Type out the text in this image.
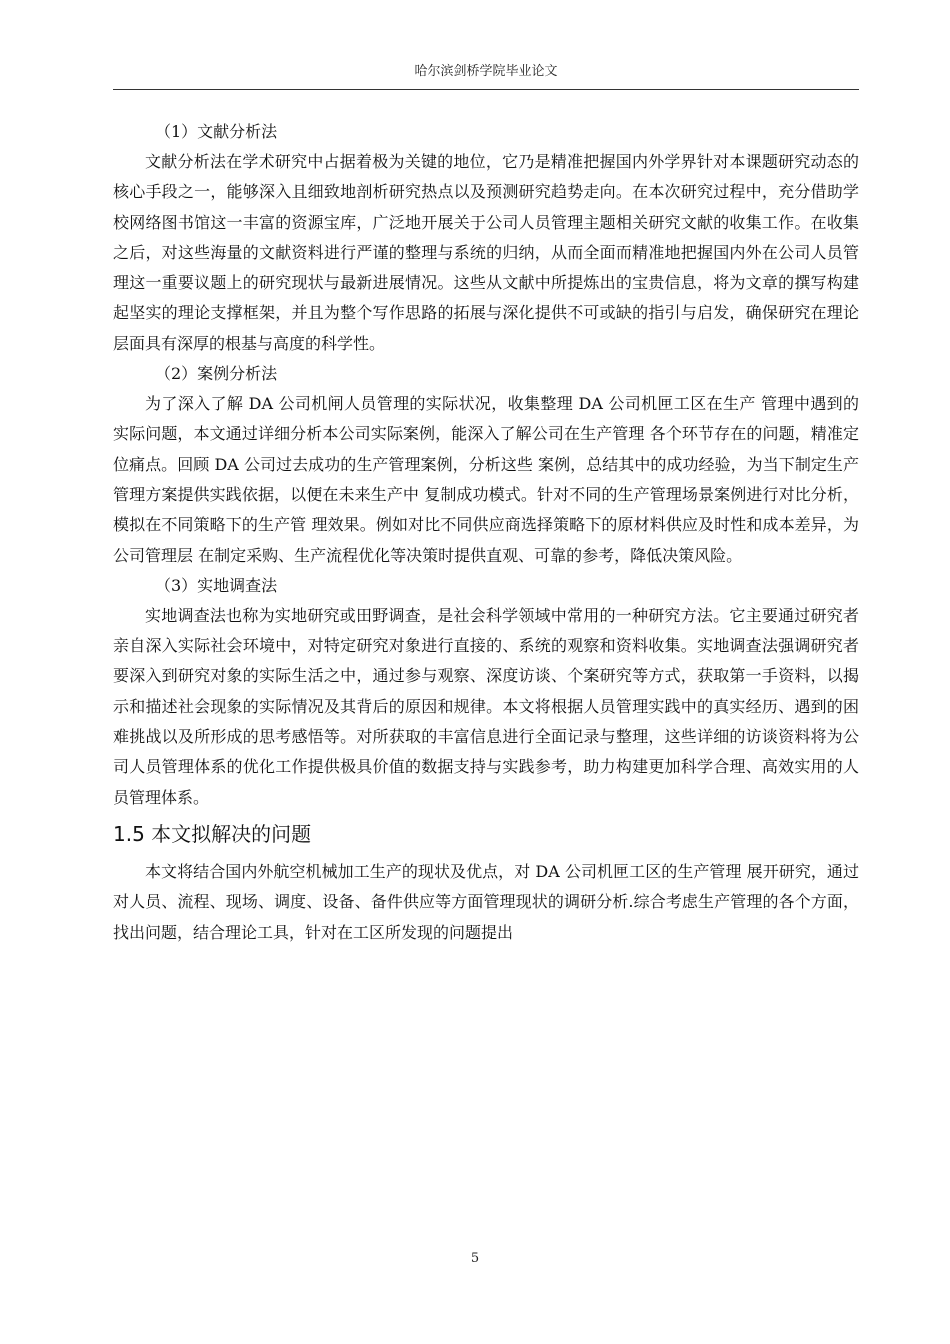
哈尔滨剑桥学院毕业论文

（1）文献分析法

文献分析法在学术研究中占据着极为关键的地位，它乃是精准把握国内外学界针对本课题研究动态的核心手段之一，能够深入且细致地剖析研究热点以及预测研究趋势走向。在本次研究过程中，充分借助学校网络图书馆这一丰富的资源宝库，广泛地开展关于公司人员管理主题相关研究文献的收集工作。在收集之后，对这些海量的文献资料进行严谨的整理与系统的归纳，从而全面而精准地把握国内外在公司人员管理这一重要议题上的研究现状与最新进展情况。这些从文献中所提炼出的宝贵信息，将为文章的撰写构建起坚实的理论支撑框架，并且为整个写作思路的拓展与深化提供不可或缺的指引与启发，确保研究在理论层面具有深厚的根基与高度的科学性。

（2）案例分析法

为了深入了解 DA 公司机闸人员管理的实际状况，收集整理 DA 公司机匣工区在生产 管理中遇到的实际问题，本文通过详细分析本公司实际案例，能深入了解公司在生产管理 各个环节存在的问题，精准定位痛点。回顾 DA 公司过去成功的生产管理案例，分析这些 案例，总结其中的成功经验，为当下制定生产管理方案提供实践依据，以便在未来生产中 复制成功模式。针对不同的生产管理场景案例进行对比分析，模拟在不同策略下的生产管 理效果。例如对比不同供应商选择策略下的原材料供应及时性和成本差异，为公司管理层 在制定采购、生产流程优化等决策时提供直观、可靠的参考，降低决策风险。

（3）实地调查法

实地调查法也称为实地研究或田野调查，是社会科学领域中常用的一种研究方法。它主要通过研究者亲自深入实际社会环境中，对特定研究对象进行直接的、系统的观察和资料收集。实地调查法强调研究者要深入到研究对象的实际生活之中，通过参与观察、深度访谈、个案研究等方式，获取第一手资料，以揭示和描述社会现象的实际情况及其背后的原因和规律。本文将根据人员管理实践中的真实经历、遇到的困难挑战以及所形成的思考感悟等。对所获取的丰富信息进行全面记录与整理，这些详细的访谈资料将为公司人员管理体系的优化工作提供极具价值的数据支持与实践参考，助力构建更加科学合理、高效实用的人员管理体系。

1.5 本文拟解决的问题

本文将结合国内外航空机械加工生产的现状及优点，对 DA 公司机匣工区的生产管理 展开研究，通过对人员、流程、现场、调度、设备、备件供应等方面管理现状的调研分析.综合考虑生产管理的各个方面，找出问题，结合理论工具，针对在工区所发现的问题提出

5
